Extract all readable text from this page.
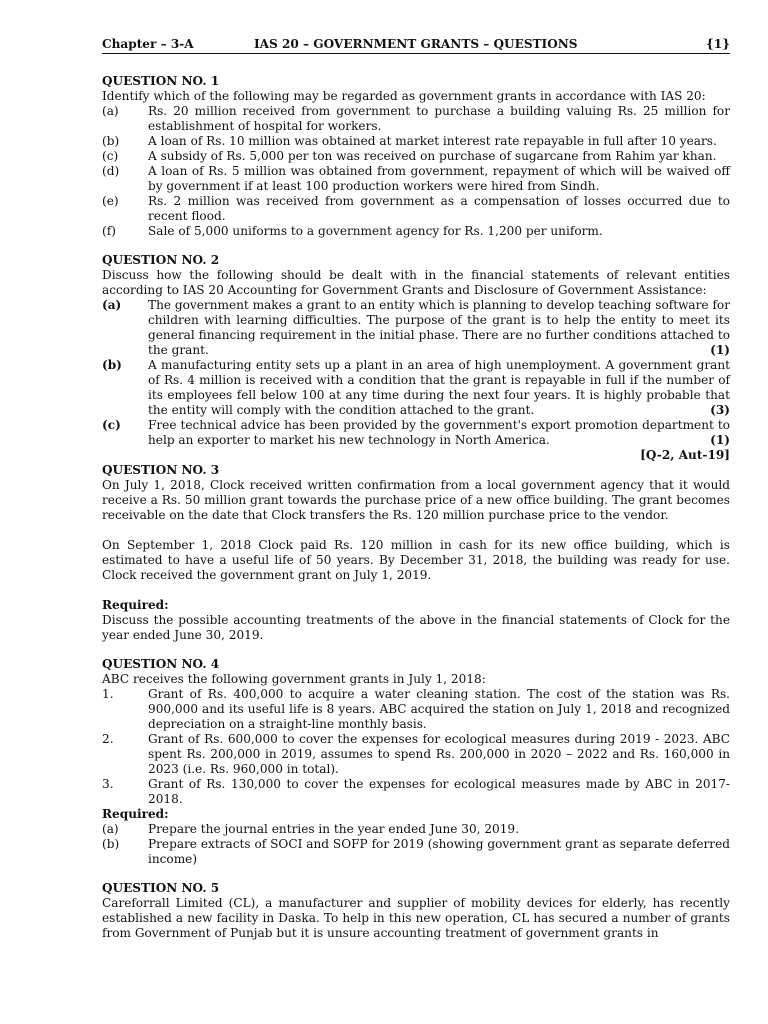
Chapter – 3-A	IAS 20 – GOVERNMENT GRANTS – QUESTIONS	{1}
QUESTION NO. 1

Identify which of the following may be regarded as government grants in accordance with IAS 20:

(a)	Rs. 20 million received from government to purchase a building valuing Rs. 25 million for establishment of hospital for workers.
(b)	A loan of Rs. 10 million was obtained at market interest rate repayable in full after 10 years.
(c)	A subsidy of Rs. 5,000 per ton was received on purchase of sugarcane from Rahim yar khan.
(d)	A loan of Rs. 5 million was obtained from government, repayment of which will be waived off by government if at least 100 production workers were hired from Sindh.
(e)	Rs. 2 million was received from government as a compensation of losses occurred due to recent flood.
(f)	Sale of 5,000 uniforms to a government agency for Rs. 1,200 per uniform.
QUESTION NO. 2

Discuss how the following should be dealt with in the financial statements of relevant entities according to IAS 20 Accounting for Government Grants and Disclosure of Government Assistance:

(a)	The government makes a grant to an entity which is planning to develop teaching software for children with learning difficulties. The purpose of the grant is to help the entity to meet its general financing requirement in the initial phase. There are no further conditions attached to the grant.	(1)
(b)	A manufacturing entity sets up a plant in an area of high unemployment. A government grant of Rs. 4 million is received with a condition that the grant is repayable in full if the number of its employees fell below 100 at any time during the next four years. It is highly probable that the entity will comply with the condition attached to the grant.	(3)
(c)	Free technical advice has been provided by the government's export promotion department to help an exporter to market his new technology in North America.	(1)
[Q-2, Aut-19]
QUESTION NO. 3

On July 1, 2018, Clock received written confirmation from a local government agency that it would receive a Rs. 50 million grant towards the purchase price of a new office building. The grant becomes receivable on the date that Clock transfers the Rs. 120 million purchase price to the vendor.

On September 1, 2018 Clock paid Rs. 120 million in cash for its new office building, which is estimated to have a useful life of 50 years. By December 31, 2018, the building was ready for use. Clock received the government grant on July 1, 2019.

Required:

Discuss the possible accounting treatments of the above in the financial statements of Clock for the year ended June 30, 2019.

QUESTION NO. 4

ABC receives the following government grants in July 1, 2018:

1.	Grant of Rs. 400,000 to acquire a water cleaning station. The cost of the station was Rs. 900,000 and its useful life is 8 years. ABC acquired the station on July 1, 2018 and recognized depreciation on a straight-line monthly basis.
2.	Grant of Rs. 600,000 to cover the expenses for ecological measures during 2019 - 2023. ABC spent Rs. 200,000 in 2019, assumes to spend Rs. 200,000 in 2020 – 2022 and Rs. 160,000 in 2023 (i.e. Rs. 960,000 in total).
3.	Grant of Rs. 130,000 to cover the expenses for ecological measures made by ABC in 2017-2018.
Required:
(a)	Prepare the journal entries in the year ended June 30, 2019.
(b)	Prepare extracts of SOCI and SOFP for 2019 (showing government grant as separate deferred income)
QUESTION NO. 5

Careforrall Limited (CL), a manufacturer and supplier of mobility devices for elderly, has recently established a new facility in Daska. To help in this new operation, CL has secured a number of grants from Government of Punjab but it is unsure accounting treatment of government grants in
